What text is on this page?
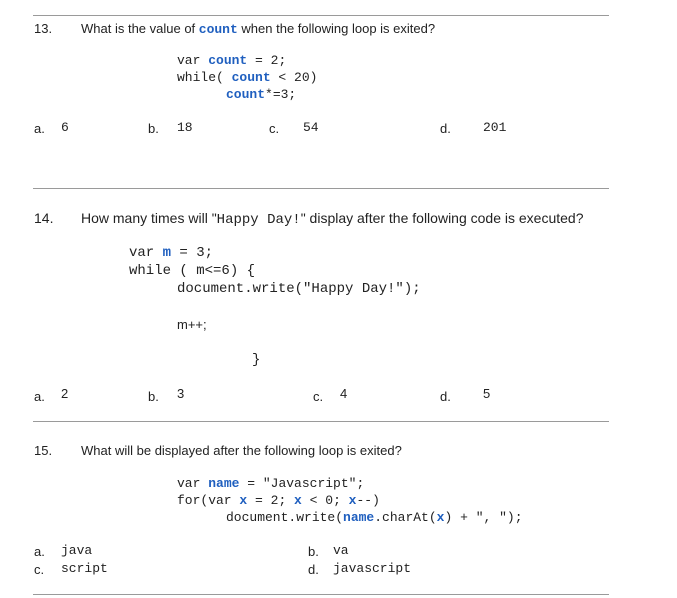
13. What is the value of count when the following loop is exited?
var count = 2;
while( count < 20)
count*=3;
a. 6	b. 18	c. 54	d. 201
14. How many times will "Happy Day!" display after the following code is executed?
var m = 3;
while ( m<=6) {
document.write("Happy Day!");
m++;
}
a. 2	b. 3	c. 4	d. 5
15. What will be displayed after the following loop is exited?
var name = "Javascript";
for(var x = 2; x < 0; x--)
document.write(name.charAt(x) + ", ");
a. java	b. va
c. script	d. javascript
